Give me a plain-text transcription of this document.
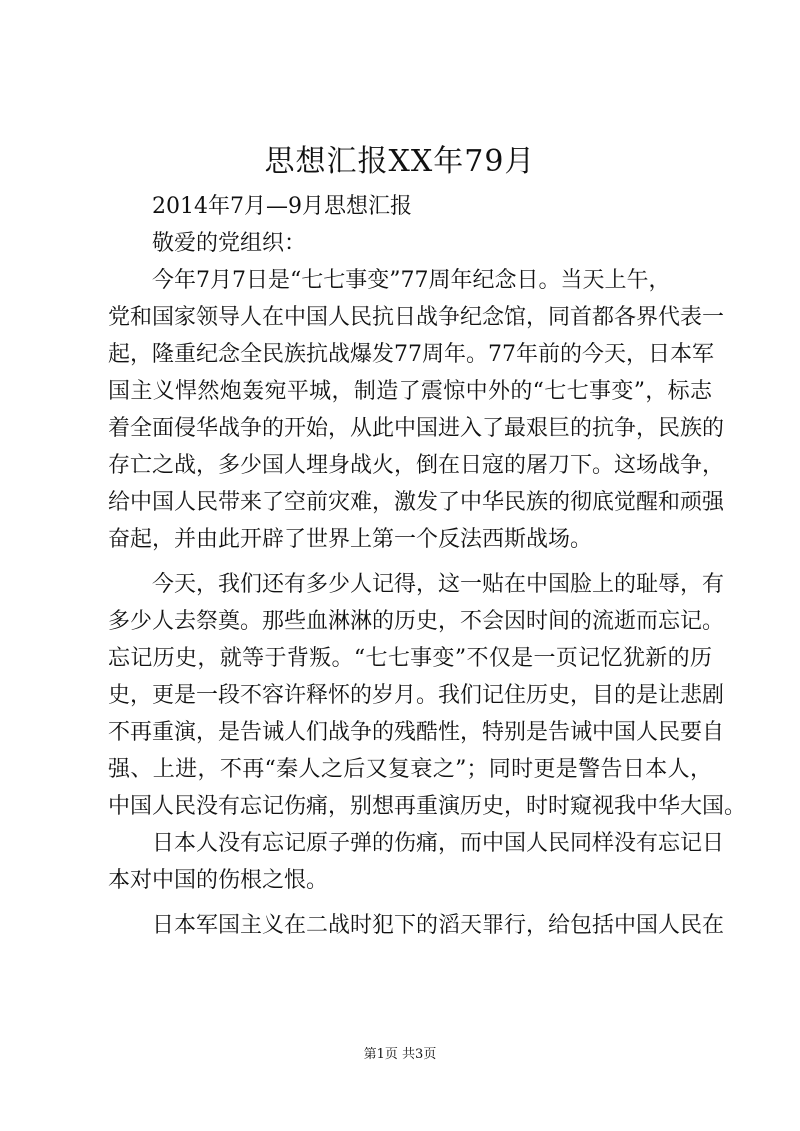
思想汇报XX年79月
2014年7月—9月思想汇报
敬爱的党组织：
今年7月7日是“七七事变”77周年纪念日。当天上午，
党和国家领导人在中国人民抗日战争纪念馆，同首都各界代表一
起，隆重纪念全民族抗战爆发77周年。77年前的今天，日本军
国主义悍然炮轰宛平城，制造了震惊中外的“七七事变”，标志
着全面侵华战争的开始，从此中国进入了最艰巨的抗争，民族的
存亡之战，多少国人埋身战火，倒在日寇的屠刀下。这场战争，
给中国人民带来了空前灾难，激发了中华民族的彻底觉醒和顽强
奋起，并由此开辟了世界上第一个反法西斯战场。
今天，我们还有多少人记得，这一贴在中国脸上的耻辱，有
多少人去祭奠。那些血淋淋的历史，不会因时间的流逝而忘记。
忘记历史，就等于背叛。“七七事变”不仅是一页记忆犹新的历
史，更是一段不容许释怀的岁月。我们记住历史，目的是让悲剧
不再重演，是告诫人们战争的残酷性，特别是告诫中国人民要自
强、上进，不再“秦人之后又复衰之”；同时更是警告日本人，
中国人民没有忘记伤痛，别想再重演历史，时时窥视我中华大国。
日本人没有忘记原子弹的伤痛，而中国人民同样没有忘记日
本对中国的伤根之恨。
日本军国主义在二战时犯下的滔天罪行，给包括中国人民在
第1页 共3页
